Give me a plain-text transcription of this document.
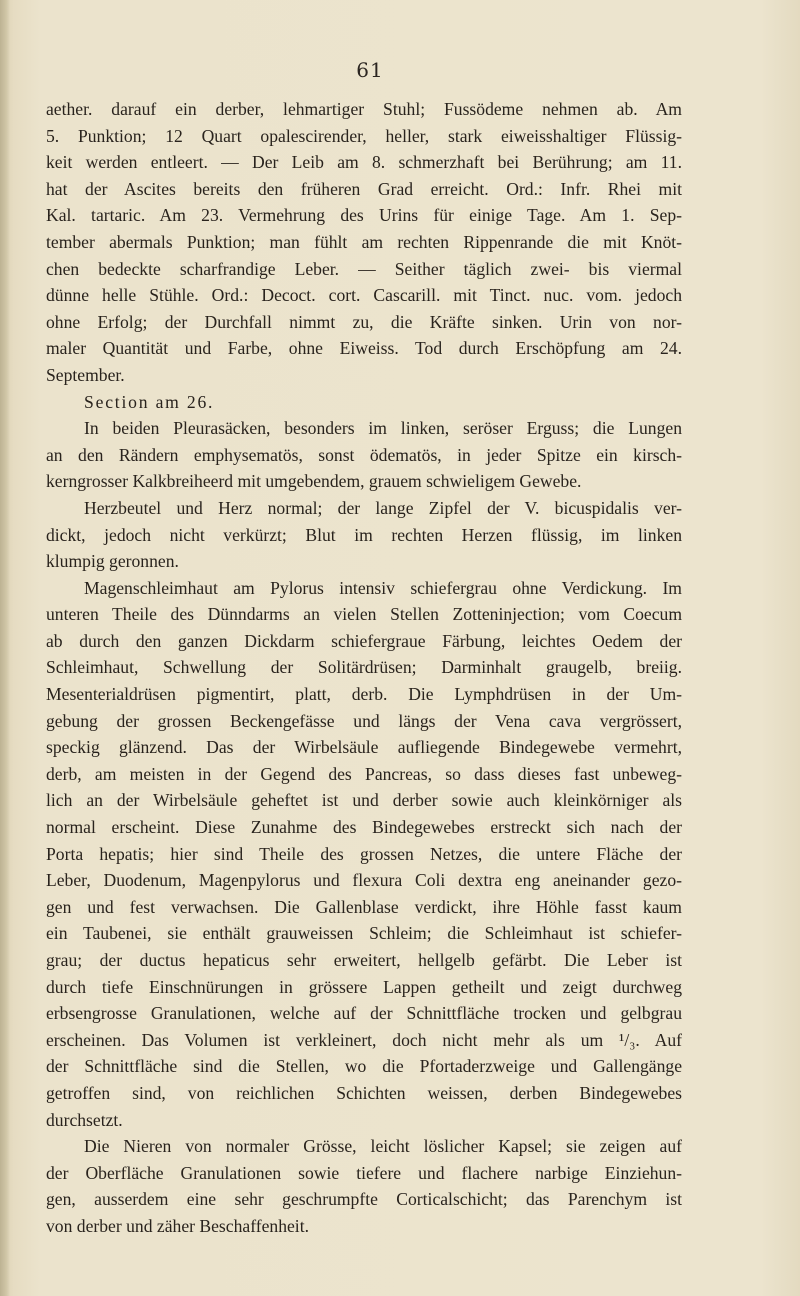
61
aether. darauf ein derber, lehmartiger Stuhl; Fussödeme nehmen ab. Am
5. Punktion; 12 Quart opalescirender, heller, stark eiweisshaltiger Flüssig-
keit werden entleert. — Der Leib am 8. schmerzhaft bei Berührung; am 11.
hat der Ascites bereits den früheren Grad erreicht. Ord.: Infr. Rhei mit
Kal. tartaric. Am 23. Vermehrung des Urins für einige Tage. Am 1. Sep-
tember abermals Punktion; man fühlt am rechten Rippenrande die mit Knöt-
chen bedeckte scharfrandige Leber. — Seither täglich zwei- bis viermal
dünne helle Stühle. Ord.: Decoct. cort. Cascarill. mit Tinct. nuc. vom. jedoch
ohne Erfolg; der Durchfall nimmt zu, die Kräfte sinken. Urin von nor-
maler Quantität und Farbe, ohne Eiweiss. Tod durch Erschöpfung am 24.
September.
Section am 26.
In beiden Pleurasäcken, besonders im linken, seröser Erguss; die Lungen
an den Rändern emphysematös, sonst ödematös, in jeder Spitze ein kirsch-
kerngrosser Kalkbreiheerd mit umgebendem, grauem schwieligem Gewebe.
Herzbeutel und Herz normal; der lange Zipfel der V. bicuspidalis ver-
dickt, jedoch nicht verkürzt; Blut im rechten Herzen flüssig, im linken
klumpig geronnen.
Magenschleimhaut am Pylorus intensiv schiefergrau ohne Verdickung. Im
unteren Theile des Dünndarms an vielen Stellen Zotteninjection; vom Coecum
ab durch den ganzen Dickdarm schiefergraue Färbung, leichtes Oedem der
Schleimhaut, Schwellung der Solitärdrüsen; Darminhalt graugelb, breiig.
Mesenterialdrüsen pigmentirt, platt, derb. Die Lymphdrüsen in der Um-
gebung der grossen Beckengefässe und längs der Vena cava vergrössert,
speckig glänzend. Das der Wirbelsäule aufliegende Bindegewebe vermehrt,
derb, am meisten in der Gegend des Pancreas, so dass dieses fast unbeweg-
lich an der Wirbelsäule geheftet ist und derber sowie auch kleinkörniger als
normal erscheint. Diese Zunahme des Bindegewebes erstreckt sich nach der
Porta hepatis; hier sind Theile des grossen Netzes, die untere Fläche der
Leber, Duodenum, Magenpylorus und flexura Coli dextra eng aneinander gezo-
gen und fest verwachsen. Die Gallenblase verdickt, ihre Höhle fasst kaum
ein Taubenei, sie enthält grauweissen Schleim; die Schleimhaut ist schiefer-
grau; der ductus hepaticus sehr erweitert, hellgelb gefärbt. Die Leber ist
durch tiefe Einschnürungen in grössere Lappen getheilt und zeigt durchweg
erbsengrosse Granulationen, welche auf der Schnittfläche trocken und gelbgrau
erscheinen. Das Volumen ist verkleinert, doch nicht mehr als um ¹/₃. Auf
der Schnittfläche sind die Stellen, wo die Pfortaderzweige und Gallengänge
getroffen sind, von reichlichen Schichten weissen, derben Bindegewebes
durchsetzt.
Die Nieren von normaler Grösse, leicht löslicher Kapsel; sie zeigen auf
der Oberfläche Granulationen sowie tiefere und flachere narbige Einziehun-
gen, ausserdem eine sehr geschrumpfte Corticalschicht; das Parenchym ist
von derber und zäher Beschaffenheit.
